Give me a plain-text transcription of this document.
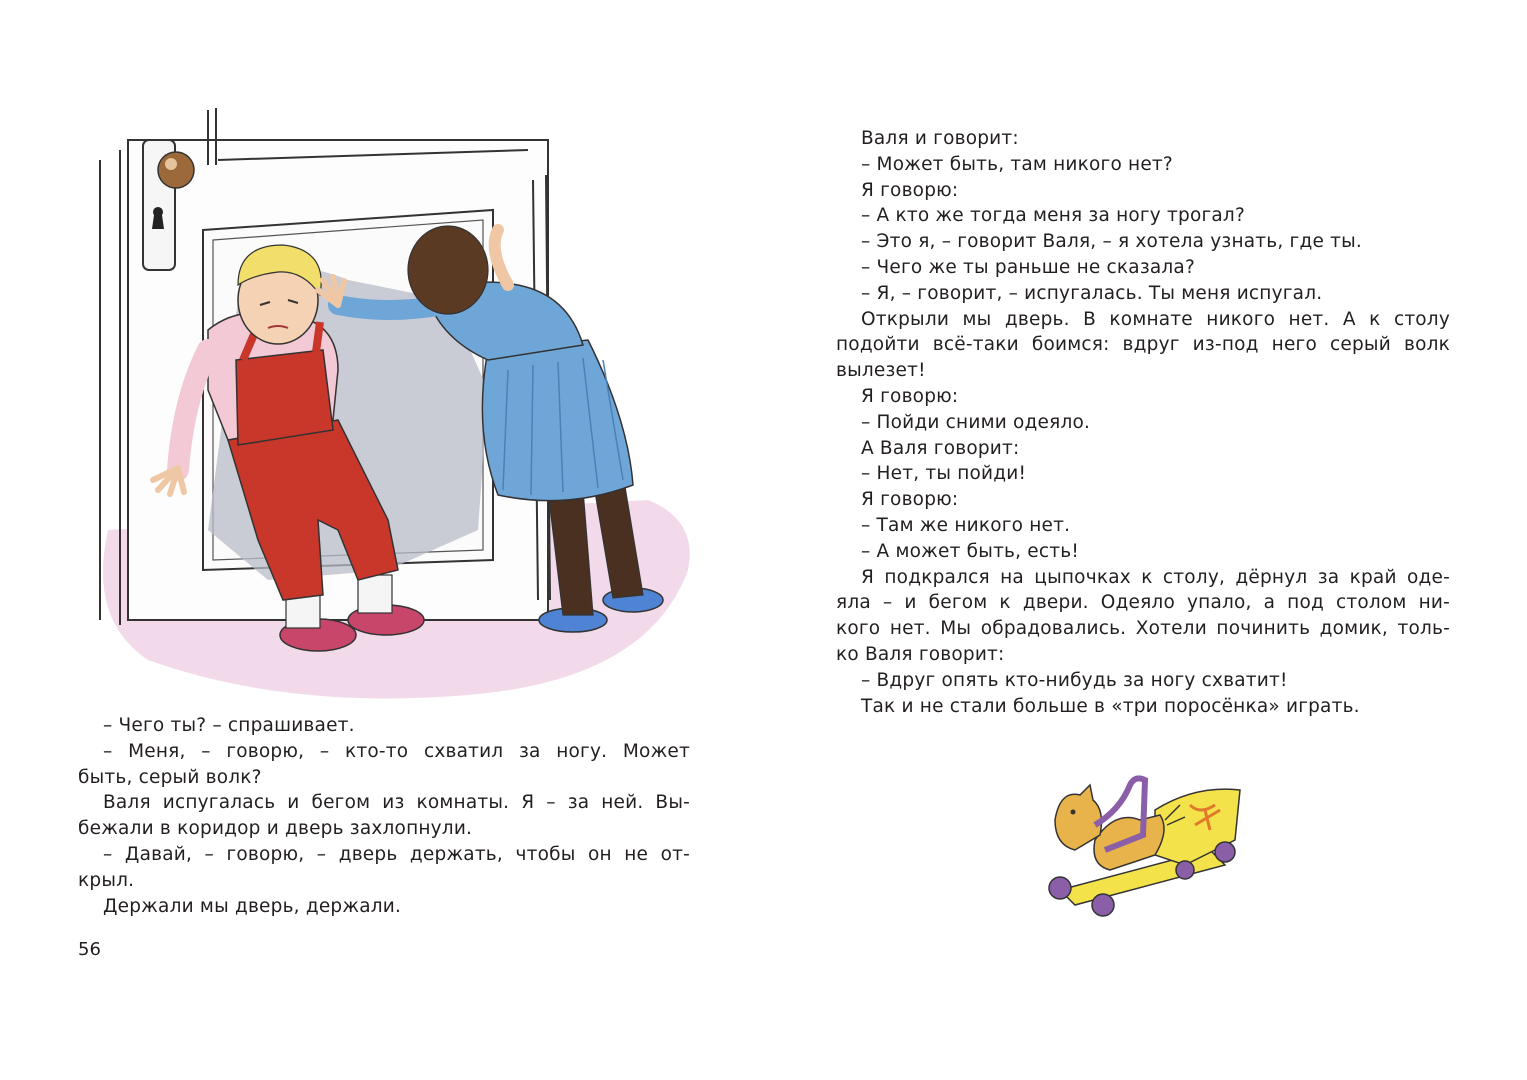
– Чего ты? – спрашивает.
– Меня, – говорю, – кто-то схватил за ногу. Может
быть, серый волк?
Валя испугалась и бегом из комнаты. Я – за ней. Вы-
бежали в коридор и дверь захлопнули.
– Давай, – говорю, – дверь держать, чтобы он не от-
крыл.
Держали мы дверь, держали.
56
Валя и говорит:
– Может быть, там никого нет?
Я говорю:
– А кто же тогда меня за ногу трогал?
– Это я, – говорит Валя, – я хотела узнать, где ты.
– Чего же ты раньше не сказала?
– Я, – говорит, – испугалась. Ты меня испугал.
Открыли мы дверь. В комнате никого нет. А к столу
подойти всё-таки боимся: вдруг из-под него серый волк
вылезет!
Я говорю:
– Пойди сними одеяло.
А Валя говорит:
– Нет, ты пойди!
Я говорю:
– Там же никого нет.
– А может быть, есть!
Я подкрался на цыпочках к столу, дёрнул за край оде-
яла – и бегом к двери. Одеяло упало, а под столом ни-
кого нет. Мы обрадовались. Хотели починить домик, толь-
ко Валя говорит:
– Вдруг опять кто-нибудь за ногу схватит!
Так и не стали больше в «три поросёнка» играть.
